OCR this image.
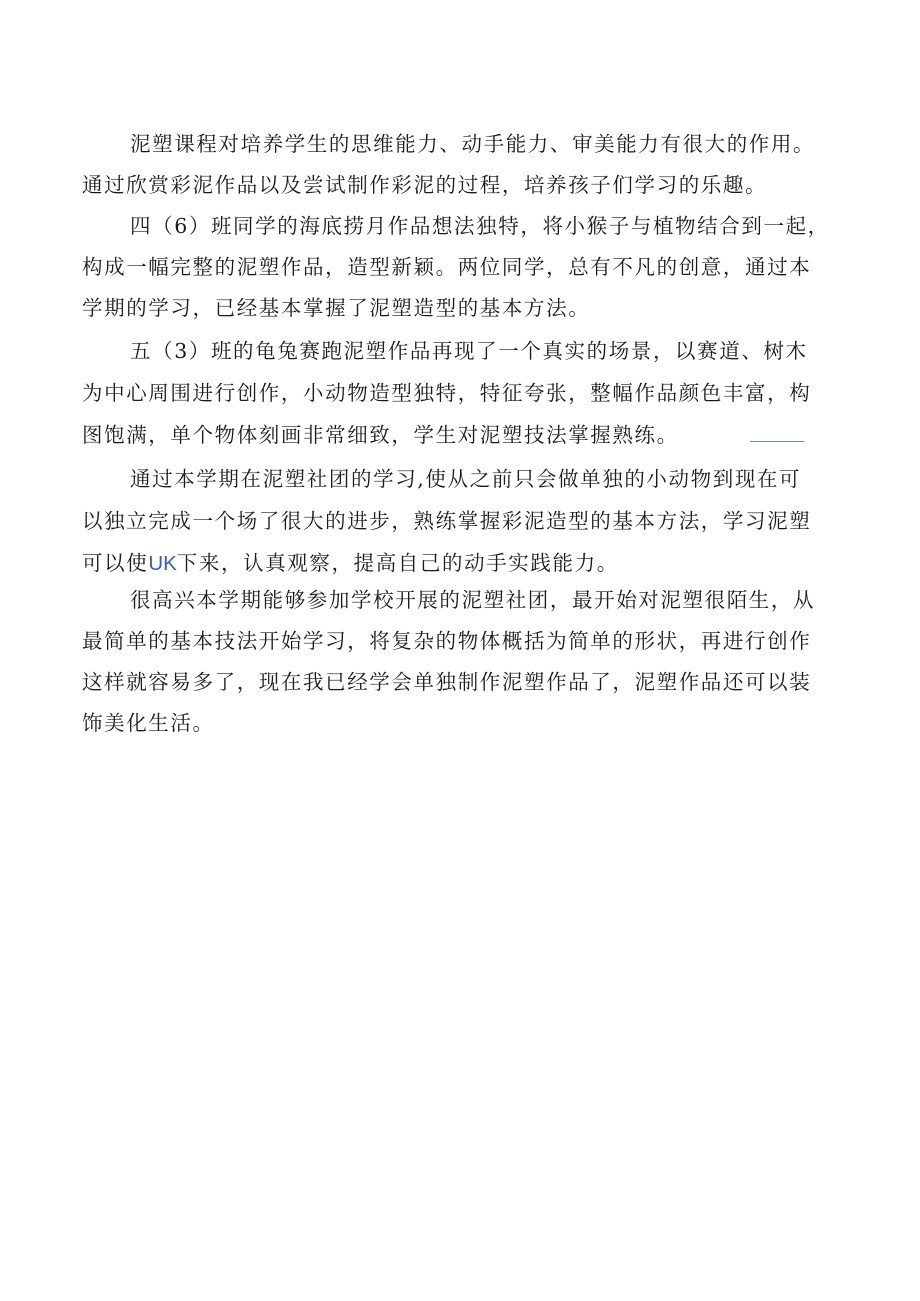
泥塑课程对培养学生的思维能力、动手能力、审美能力有很大的作用。
通过欣赏彩泥作品以及尝试制作彩泥的过程，培养孩子们学习的乐趣。
四（6）班同学的海底捞月作品想法独特，将小猴子与植物结合到一起，
构成一幅完整的泥塑作品，造型新颖。两位同学，总有不凡的创意，通过本
学期的学习，已经基本掌握了泥塑造型的基本方法。
五（3）班的龟兔赛跑泥塑作品再现了一个真实的场景，以赛道、树木
为中心周围进行创作，小动物造型独特，特征夸张，整幅作品颜色丰富，构
图饱满，单个物体刻画非常细致，学生对泥塑技法掌握熟练。
通过本学期在泥塑社团的学习,使从之前只会做单独的小动物到现在可
以独立完成一个场了很大的进步，熟练掌握彩泥造型的基本方法，学习泥塑
可以使UK下来，认真观察，提高自己的动手实践能力。
很高兴本学期能够参加学校开展的泥塑社团，最开始对泥塑很陌生，从
最简单的基本技法开始学习，将复杂的物体概括为简单的形状，再进行创作
这样就容易多了，现在我已经学会单独制作泥塑作品了，泥塑作品还可以装
饰美化生活。
